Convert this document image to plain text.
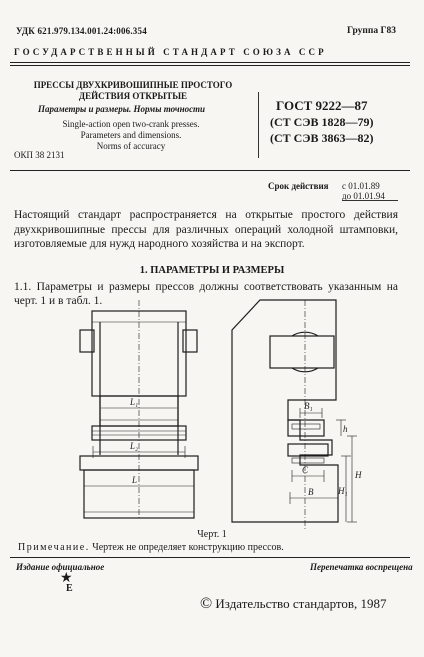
УДК 621.979.134.001.24:006.354	Группа Г83
ГОСУДАРСТВЕННЫЙ СТАНДАРТ СОЮЗА ССР
ПРЕССЫ ДВУХКРИВОШИПНЫЕ ПРОСТОГО
ДЕЙСТВИЯ ОТКРЫТЫЕ
Параметры и размеры. Нормы точности
Single-action open two-crank presses.
Parameters and dimensions.
Norms of accuracy
ГОСТ 9222—87
(СТ СЭВ 1828—79)
(СТ СЭВ 3863—82)
ОКП 38 2131
Срок действия с 01.01.89
до 01.01.94
Настоящий стандарт распространяется на открытые простого действия двухкривошипные прессы для различных операций холодной штамповки, изготовляемые для нужд народного хозяйства и на экспорт.
1. ПАРАМЕТРЫ И РАЗМЕРЫ
1.1. Параметры и размеры прессов должны соответствовать указанным на черт. 1 и в табл. 1.
L₁
L₂
L
B₁
C
B
h
H
H₁
Черт. 1
Примечание. Чертеж не определяет конструкцию прессов.
Издание официальное
★
Е
Перепечатка воспрещена
© Издательство стандартов, 1987
